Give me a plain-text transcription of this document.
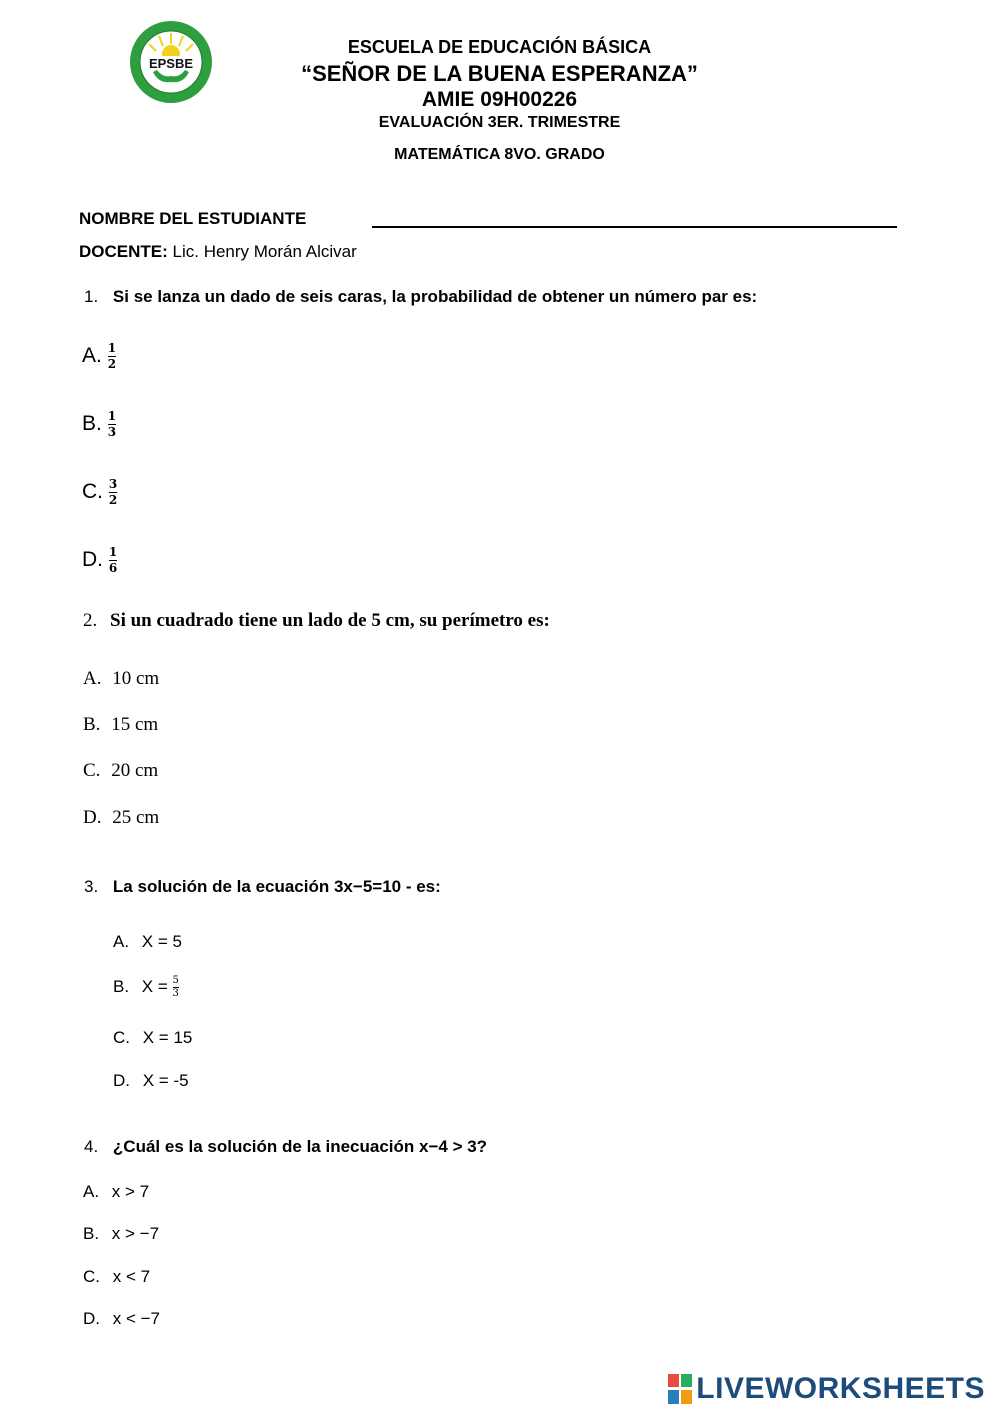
EPSBE
ESCUELA DE EDUCACIÓN BÁSICA
“SEÑOR DE LA BUENA ESPERANZA”
AMIE 09H00226
EVALUACIÓN 3ER. TRIMESTRE
MATEMÁTICA 8VO. GRADO
NOMBRE DEL ESTUDIANTE
DOCENTE: Lic. Henry Morán Alcivar
1. Si se lanza un dado de seis caras, la probabilidad de obtener un número par es:
A. $\frac{1}{2}$
B. $\frac{1}{3}$
C. $\frac{3}{2}$
D. $\frac{1}{6}$
2. Si un cuadrado tiene un lado de 5 cm, su perímetro es:
A. 10 cm
B. 15 cm
C. 20 cm
D. 25 cm
3. La solución de la ecuación 3x−5=10 - es:
A. X = 5
B. $X = \frac{5}{3}$
C. X = 15
D. X = -5
4. ¿Cuál es la solución de la inecuación x−4 > 3?
A. x > 7
B. x > −7
C. x < 7
D. x < −7
LIVEWORKSHEETS
